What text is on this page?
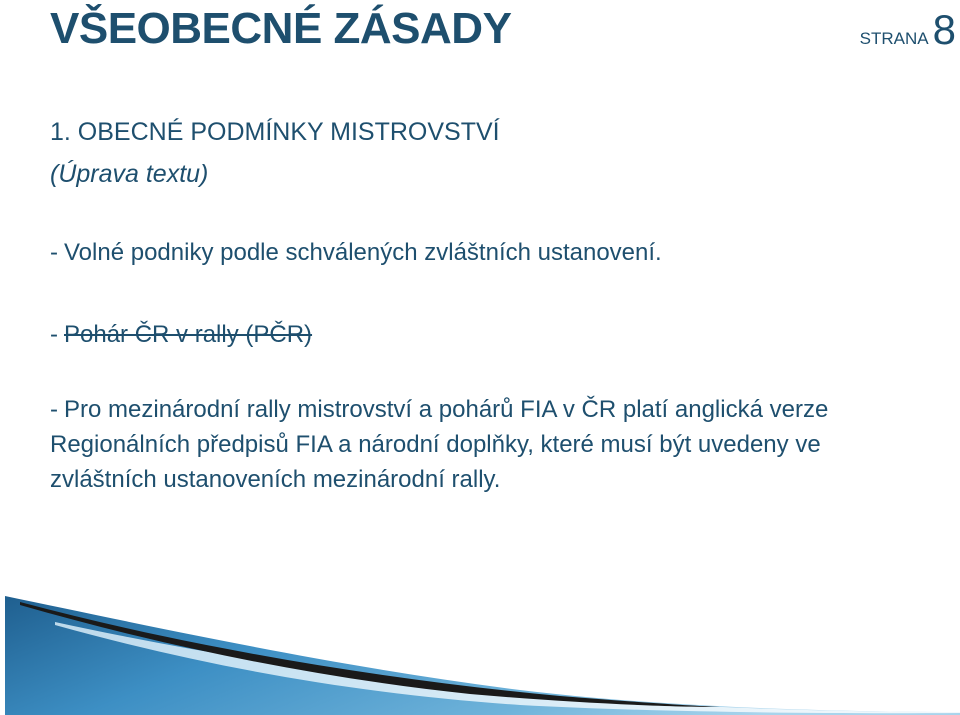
VŠEOBECNÉ ZÁSADY	STRANA8
1. OBECNÉ PODMÍNKY MISTROVSTVÍ
(Úprava textu)
- Volné podniky podle schválených zvláštních ustanovení.
- Pohár ČR v rally (PČR)
- Pro mezinárodní rally mistrovství a pohárů FIA v ČR platí anglická verze Regionálních předpisů FIA a národní doplňky, které musí být uvedeny ve zvláštních ustanoveních mezinárodní rally.
